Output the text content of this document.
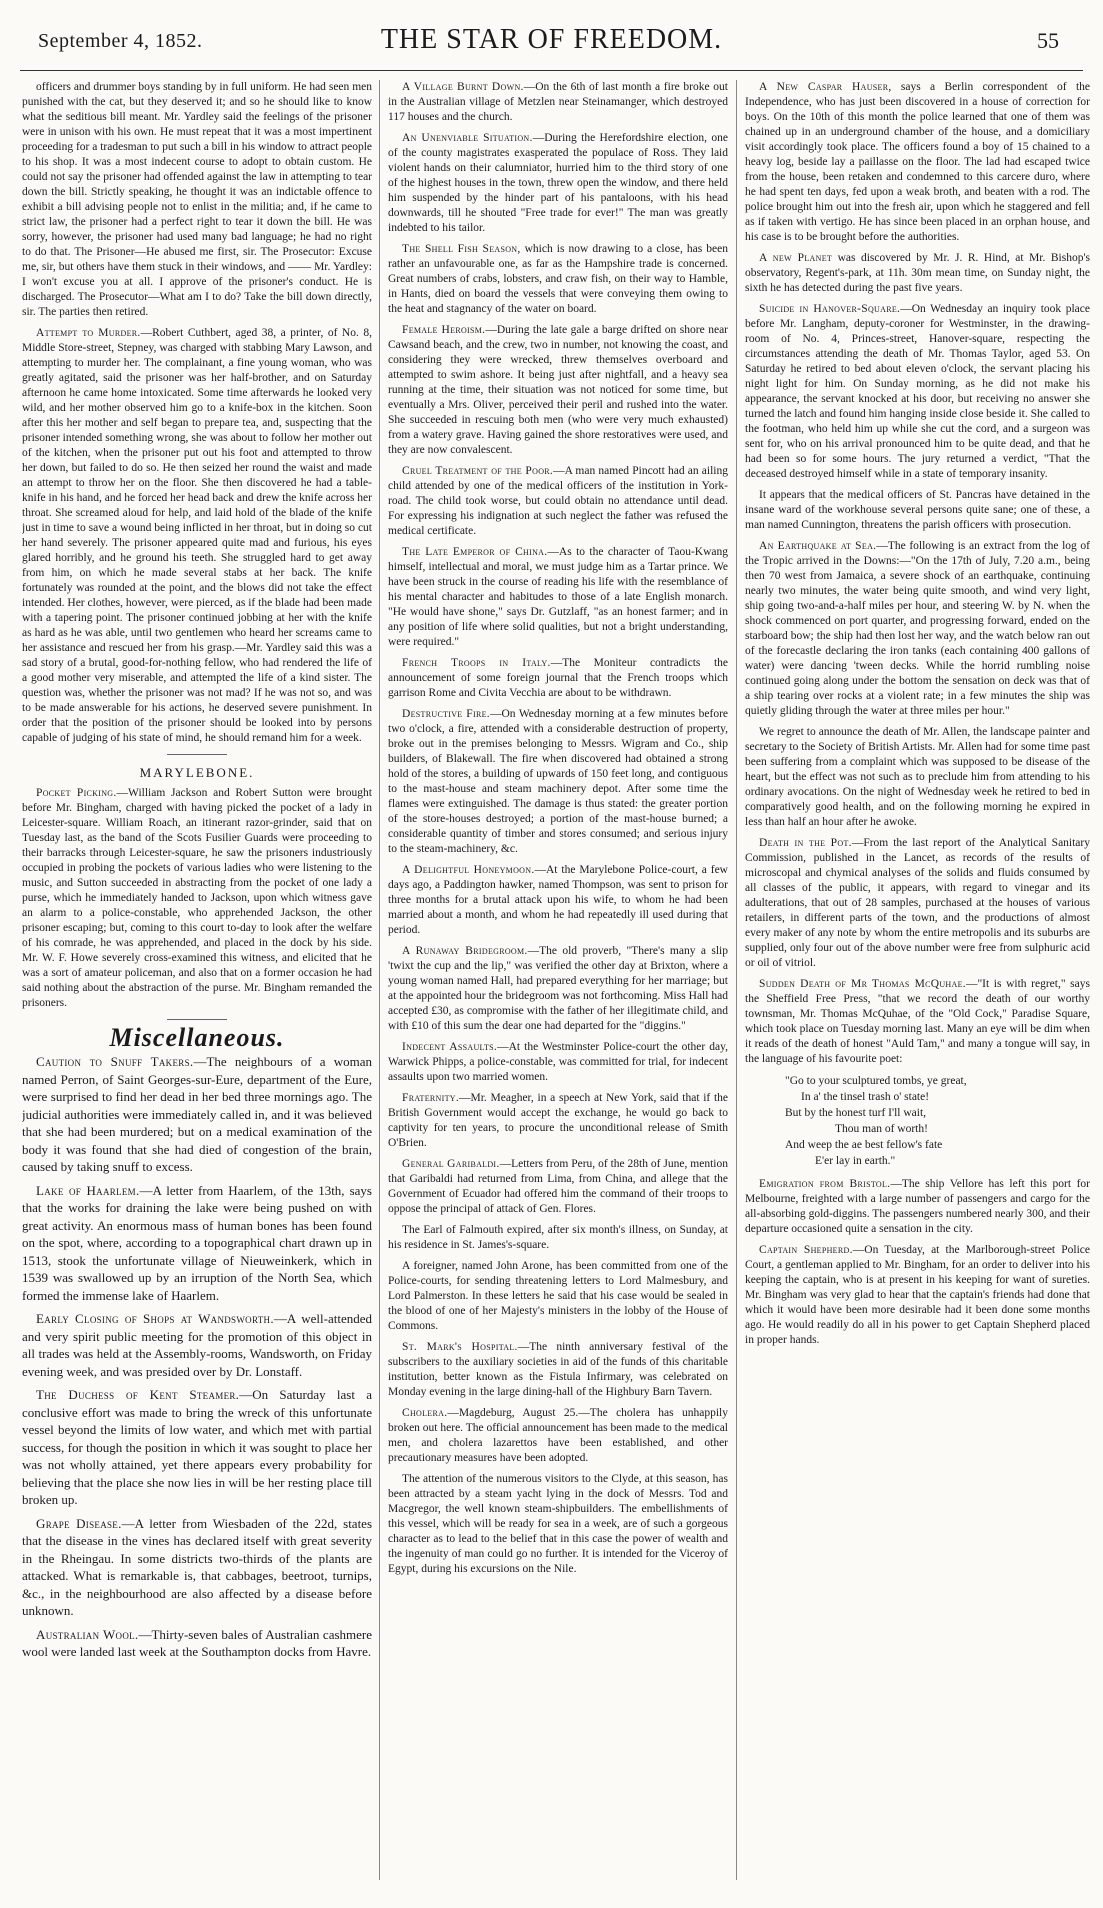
September 4, 1852.	THE STAR OF FREEDOM.	55

officers and drummer boys standing by in full uniform. He had seen men punished with the cat, but they deserved it; and so he should like to know what the seditious bill meant. Mr. Yardley said the feelings of the prisoner were in unison with his own. He must repeat that it was a most impertinent proceeding for a tradesman to put such a bill in his window to attract people to his shop. It was a most indecent course to adopt to obtain custom. He could not say the prisoner had offended against the law in attempting to tear down the bill. Strictly speaking, he thought it was an indictable offence to exhibit a bill advising people not to enlist in the militia; and, if he came to strict law, the prisoner had a perfect right to tear it down the bill. He was sorry, however, the prisoner had used many bad language; he had no right to do that. The Prisoner—He abused me first, sir. The Prosecutor: Excuse me, sir, but others have them stuck in their windows, and —— Mr. Yardley: I won't excuse you at all. I approve of the prisoner's conduct. He is discharged. The Prosecutor—What am I to do? Take the bill down directly, sir. The parties then retired.

Attempt to Murder.—Robert Cuthbert, aged 38, a printer, of No. 8, Middle Store-street, Stepney, was charged with stabbing Mary Lawson, and attempting to murder her. The complainant, a fine young woman, who was greatly agitated, said the prisoner was her half-brother, and on Saturday afternoon he came home intoxicated. Some time afterwards he looked very wild, and her mother observed him go to a knife-box in the kitchen. Soon after this her mother and self began to prepare tea, and, suspecting that the prisoner intended something wrong, she was about to follow her mother out of the kitchen, when the prisoner put out his foot and attempted to throw her down, but failed to do so. He then seized her round the waist and made an attempt to throw her on the floor. She then discovered he had a table-knife in his hand, and he forced her head back and drew the knife across her throat. She screamed aloud for help, and laid hold of the blade of the knife just in time to save a wound being inflicted in her throat, but in doing so cut her hand severely. The prisoner appeared quite mad and furious, his eyes glared horribly, and he ground his teeth. She struggled hard to get away from him, on which he made several stabs at her back. The knife fortunately was rounded at the point, and the blows did not take the effect intended. Her clothes, however, were pierced, as if the blade had been made with a tapering point. The prisoner continued jobbing at her with the knife as hard as he was able, until two gentlemen who heard her screams came to her assistance and rescued her from his grasp.—Mr. Yardley said this was a sad story of a brutal, good-for-nothing fellow, who had rendered the life of a good mother very miserable, and attempted the life of a kind sister. The question was, whether the prisoner was not mad? If he was not so, and was to be made answerable for his actions, he deserved severe punishment. In order that the position of the prisoner should be looked into by persons capable of judging of his state of mind, he should remand him for a week.

MARYLEBONE.

Pocket Picking.—William Jackson and Robert Sutton were brought before Mr. Bingham, charged with having picked the pocket of a lady in Leicester-square. William Roach, an itinerant razor-grinder, said that on Tuesday last, as the band of the Scots Fusilier Guards were proceeding to their barracks through Leicester-square, he saw the prisoners industriously occupied in probing the pockets of various ladies who were listening to the music, and Sutton succeeded in abstracting from the pocket of one lady a purse, which he immediately handed to Jackson, upon which witness gave an alarm to a police-constable, who apprehended Jackson, the other prisoner escaping; but, coming to this court to-day to look after the welfare of his comrade, he was apprehended, and placed in the dock by his side. Mr. W. F. Howe severely cross-examined this witness, and elicited that he was a sort of amateur policeman, and also that on a former occasion he had said nothing about the abstraction of the purse. Mr. Bingham remanded the prisoners.

Miscellaneous.

Caution to Snuff Takers.—The neighbours of a woman named Perron, of Saint Georges-sur-Eure, department of the Eure, were surprised to find her dead in her bed three mornings ago. The judicial authorities were immediately called in, and it was believed that she had been murdered; but on a medical examination of the body it was found that she had died of congestion of the brain, caused by taking snuff to excess.

Lake of Haarlem.—A letter from Haarlem, of the 13th, says that the works for draining the lake were being pushed on with great activity. An enormous mass of human bones has been found on the spot, where, according to a topographical chart drawn up in 1513, stook the unfortunate village of Nieuweinkerk, which in 1539 was swallowed up by an irruption of the North Sea, which formed the immense lake of Haarlem.

Early Closing of Shops at Wandsworth.—A well-attended and very spirit public meeting for the promotion of this object in all trades was held at the Assembly-rooms, Wandsworth, on Friday evening week, and was presided over by Dr. Lonstaff.

The Duchess of Kent Steamer.—On Saturday last a conclusive effort was made to bring the wreck of this unfortunate vessel beyond the limits of low water, and which met with partial success, for though the position in which it was sought to place her was not wholly attained, yet there appears every probability for believing that the place she now lies in will be her resting place till broken up.

Grape Disease.—A letter from Wiesbaden of the 22d, states that the disease in the vines has declared itself with great severity in the Rheingau. In some districts two-thirds of the plants are attacked. What is remarkable is, that cabbages, beetroot, turnips, &c., in the neighbourhood are also affected by a disease before unknown.

Australian Wool.—Thirty-seven bales of Australian cashmere wool were landed last week at the Southampton docks from Havre.

A Village Burnt Down.—On the 6th of last month a fire broke out in the Australian village of Metzlen near Steinamanger, which destroyed 117 houses and the church.

An Unenviable Situation.—During the Herefordshire election, one of the county magistrates exasperated the populace of Ross. They laid violent hands on their calumniator, hurried him to the third story of one of the highest houses in the town, threw open the window, and there held him suspended by the hinder part of his pantaloons, with his head downwards, till he shouted "Free trade for ever!" The man was greatly indebted to his tailor.

The Shell Fish Season, which is now drawing to a close, has been rather an unfavourable one, as far as the Hampshire trade is concerned. Great numbers of crabs, lobsters, and craw fish, on their way to Hamble, in Hants, died on board the vessels that were conveying them owing to the heat and stagnancy of the water on board.

Female Heroism.—During the late gale a barge drifted on shore near Cawsand beach, and the crew, two in number, not knowing the coast, and considering they were wrecked, threw themselves overboard and attempted to swim ashore. It being just after nightfall, and a heavy sea running at the time, their situation was not noticed for some time, but eventually a Mrs. Oliver, perceived their peril and rushed into the water. She succeeded in rescuing both men (who were very much exhausted) from a watery grave. Having gained the shore restoratives were used, and they are now convalescent.

Cruel Treatment of the Poor.—A man named Pincott had an ailing child attended by one of the medical officers of the institution in York-road. The child took worse, but could obtain no attendance until dead. For expressing his indignation at such neglect the father was refused the medical certificate.

The Late Emperor of China.—As to the character of Taou-Kwang himself, intellectual and moral, we must judge him as a Tartar prince. We have been struck in the course of reading his life with the resemblance of his mental character and habitudes to those of a late English monarch. "He would have shone," says Dr. Gutzlaff, "as an honest farmer; and in any position of life where solid qualities, but not a bright understanding, were required."

French Troops in Italy.—The Moniteur contradicts the announcement of some foreign journal that the French troops which garrison Rome and Civita Vecchia are about to be withdrawn.

Destructive Fire.—On Wednesday morning at a few minutes before two o'clock, a fire, attended with a considerable destruction of property, broke out in the premises belonging to Messrs. Wigram and Co., ship builders, of Blakewall. The fire when discovered had obtained a strong hold of the stores, a building of upwards of 150 feet long, and contiguous to the mast-house and steam machinery depot. After some time the flames were extinguished. The damage is thus stated: the greater portion of the store-houses destroyed; a portion of the mast-house burned; a considerable quantity of timber and stores consumed; and serious injury to the steam-machinery, &c.

A Delightful Honeymoon.—At the Marylebone Police-court, a few days ago, a Paddington hawker, named Thompson, was sent to prison for three months for a brutal attack upon his wife, to whom he had been married about a month, and whom he had repeatedly ill used during that period.

A Runaway Bridegroom.—The old proverb, "There's many a slip 'twixt the cup and the lip," was verified the other day at Brixton, where a young woman named Hall, had prepared everything for her marriage; but at the appointed hour the bridegroom was not forthcoming. Miss Hall had accepted £30, as compromise with the father of her illegitimate child, and with £10 of this sum the dear one had departed for the "diggins."

Indecent Assaults.—At the Westminster Police-court the other day, Warwick Phipps, a police-constable, was committed for trial, for indecent assaults upon two married women.

Fraternity.—Mr. Meagher, in a speech at New York, said that if the British Government would accept the exchange, he would go back to captivity for ten years, to procure the unconditional release of Smith O'Brien.

General Garibaldi.—Letters from Peru, of the 28th of June, mention that Garibaldi had returned from Lima, from China, and allege that the Government of Ecuador had offered him the command of their troops to oppose the principal of attack of Gen. Flores.

The Earl of Falmouth expired, after six month's illness, on Sunday, at his residence in St. James's-square.

A foreigner, named John Arone, has been committed from one of the Police-courts, for sending threatening letters to Lord Malmesbury, and Lord Palmerston. In these letters he said that his case would be sealed in the blood of one of her Majesty's ministers in the lobby of the House of Commons.

St. Mark's Hospital.—The ninth anniversary festival of the subscribers to the auxiliary societies in aid of the funds of this charitable institution, better known as the Fistula Infirmary, was celebrated on Monday evening in the large dining-hall of the Highbury Barn Tavern.

Cholera.—Magdeburg, August 25.—The cholera has unhappily broken out here. The official announcement has been made to the medical men, and cholera lazarettos have been established, and other precautionary measures have been adopted.

The attention of the numerous visitors to the Clyde, at this season, has been attracted by a steam yacht lying in the dock of Messrs. Tod and Macgregor, the well known steam-shipbuilders. The embellishments of this vessel, which will be ready for sea in a week, are of such a gorgeous character as to lead to the belief that in this case the power of wealth and the ingenuity of man could go no further. It is intended for the Viceroy of Egypt, during his excursions on the Nile.

A New Caspar Hauser, says a Berlin correspondent of the Independence, who has just been discovered in a house of correction for boys. On the 10th of this month the police learned that one of them was chained up in an underground chamber of the house, and a domiciliary visit accordingly took place. The officers found a boy of 15 chained to a heavy log, beside lay a paillasse on the floor. The lad had escaped twice from the house, been retaken and condemned to this carcere duro, where he had spent ten days, fed upon a weak broth, and beaten with a rod. The police brought him out into the fresh air, upon which he staggered and fell as if taken with vertigo. He has since been placed in an orphan house, and his case is to be brought before the authorities.

A new Planet was discovered by Mr. J. R. Hind, at Mr. Bishop's observatory, Regent's-park, at 11h. 30m mean time, on Sunday night, the sixth he has detected during the past five years.

Suicide in Hanover-Square.—On Wednesday an inquiry took place before Mr. Langham, deputy-coroner for Westminster, in the drawing-room of No. 4, Princes-street, Hanover-square, respecting the circumstances attending the death of Mr. Thomas Taylor, aged 53. On Saturday he retired to bed about eleven o'clock, the servant placing his night light for him. On Sunday morning, as he did not make his appearance, the servant knocked at his door, but receiving no answer she turned the latch and found him hanging inside close beside it. She called to the footman, who held him up while she cut the cord, and a surgeon was sent for, who on his arrival pronounced him to be quite dead, and that he had been so for some hours. The jury returned a verdict, "That the deceased destroyed himself while in a state of temporary insanity.

It appears that the medical officers of St. Pancras have detained in the insane ward of the workhouse several persons quite sane; one of these, a man named Cunnington, threatens the parish officers with prosecution.

An Earthquake at Sea.—The following is an extract from the log of the Tropic arrived in the Downs:—"On the 17th of July, 7.20 a.m., being then 70 west from Jamaica, a severe shock of an earthquake, continuing nearly two minutes, the water being quite smooth, and wind very light, ship going two-and-a-half miles per hour, and steering W. by N. when the shock commenced on port quarter, and progressing forward, ended on the starboard bow; the ship had then lost her way, and the watch below ran out of the forecastle declaring the iron tanks (each containing 400 gallons of water) were dancing 'tween decks. While the horrid rumbling noise continued going along under the bottom the sensation on deck was that of a ship tearing over rocks at a violent rate; in a few minutes the ship was quietly gliding through the water at three miles per hour."

We regret to announce the death of Mr. Allen, the landscape painter and secretary to the Society of British Artists. Mr. Allen had for some time past been suffering from a complaint which was supposed to be disease of the heart, but the effect was not such as to preclude him from attending to his ordinary avocations. On the night of Wednesday week he retired to bed in comparatively good health, and on the following morning he expired in less than half an hour after he awoke.

Death in the Pot.—From the last report of the Analytical Sanitary Commission, published in the Lancet, as records of the results of microscopal and chymical analyses of the solids and fluids consumed by all classes of the public, it appears, with regard to vinegar and its adulterations, that out of 28 samples, purchased at the houses of various retailers, in different parts of the town, and the productions of almost every maker of any note by whom the entire metropolis and its suburbs are supplied, only four out of the above number were free from sulphuric acid or oil of vitriol.

Sudden Death of Mr Thomas McQuhae.—"It is with regret," says the Sheffield Free Press, "that we record the death of our worthy townsman, Mr. Thomas McQuhae, of the "Old Cock," Paradise Square, which took place on Tuesday morning last. Many an eye will be dim when it reads of the death of honest "Auld Tam," and many a tongue will say, in the language of his favourite poet:

"Go to your sculptured tombs, ye great,
In a' the tinsel trash o' state!
But by the honest turf I'll wait,
Thou man of worth!
And weep the ae best fellow's fate
E'er lay in earth."

Emigration from Bristol.—The ship Vellore has left this port for Melbourne, freighted with a large number of passengers and cargo for the all-absorbing gold-diggins. The passengers numbered nearly 300, and their departure occasioned quite a sensation in the city.

Captain Shepherd.—On Tuesday, at the Marlborough-street Police Court, a gentleman applied to Mr. Bingham, for an order to deliver into his keeping the captain, who is at present in his keeping for want of sureties. Mr. Bingham was very glad to hear that the captain's friends had done that which it would have been more desirable had it been done some months ago. He would readily do all in his power to get Captain Shepherd placed in proper hands.
